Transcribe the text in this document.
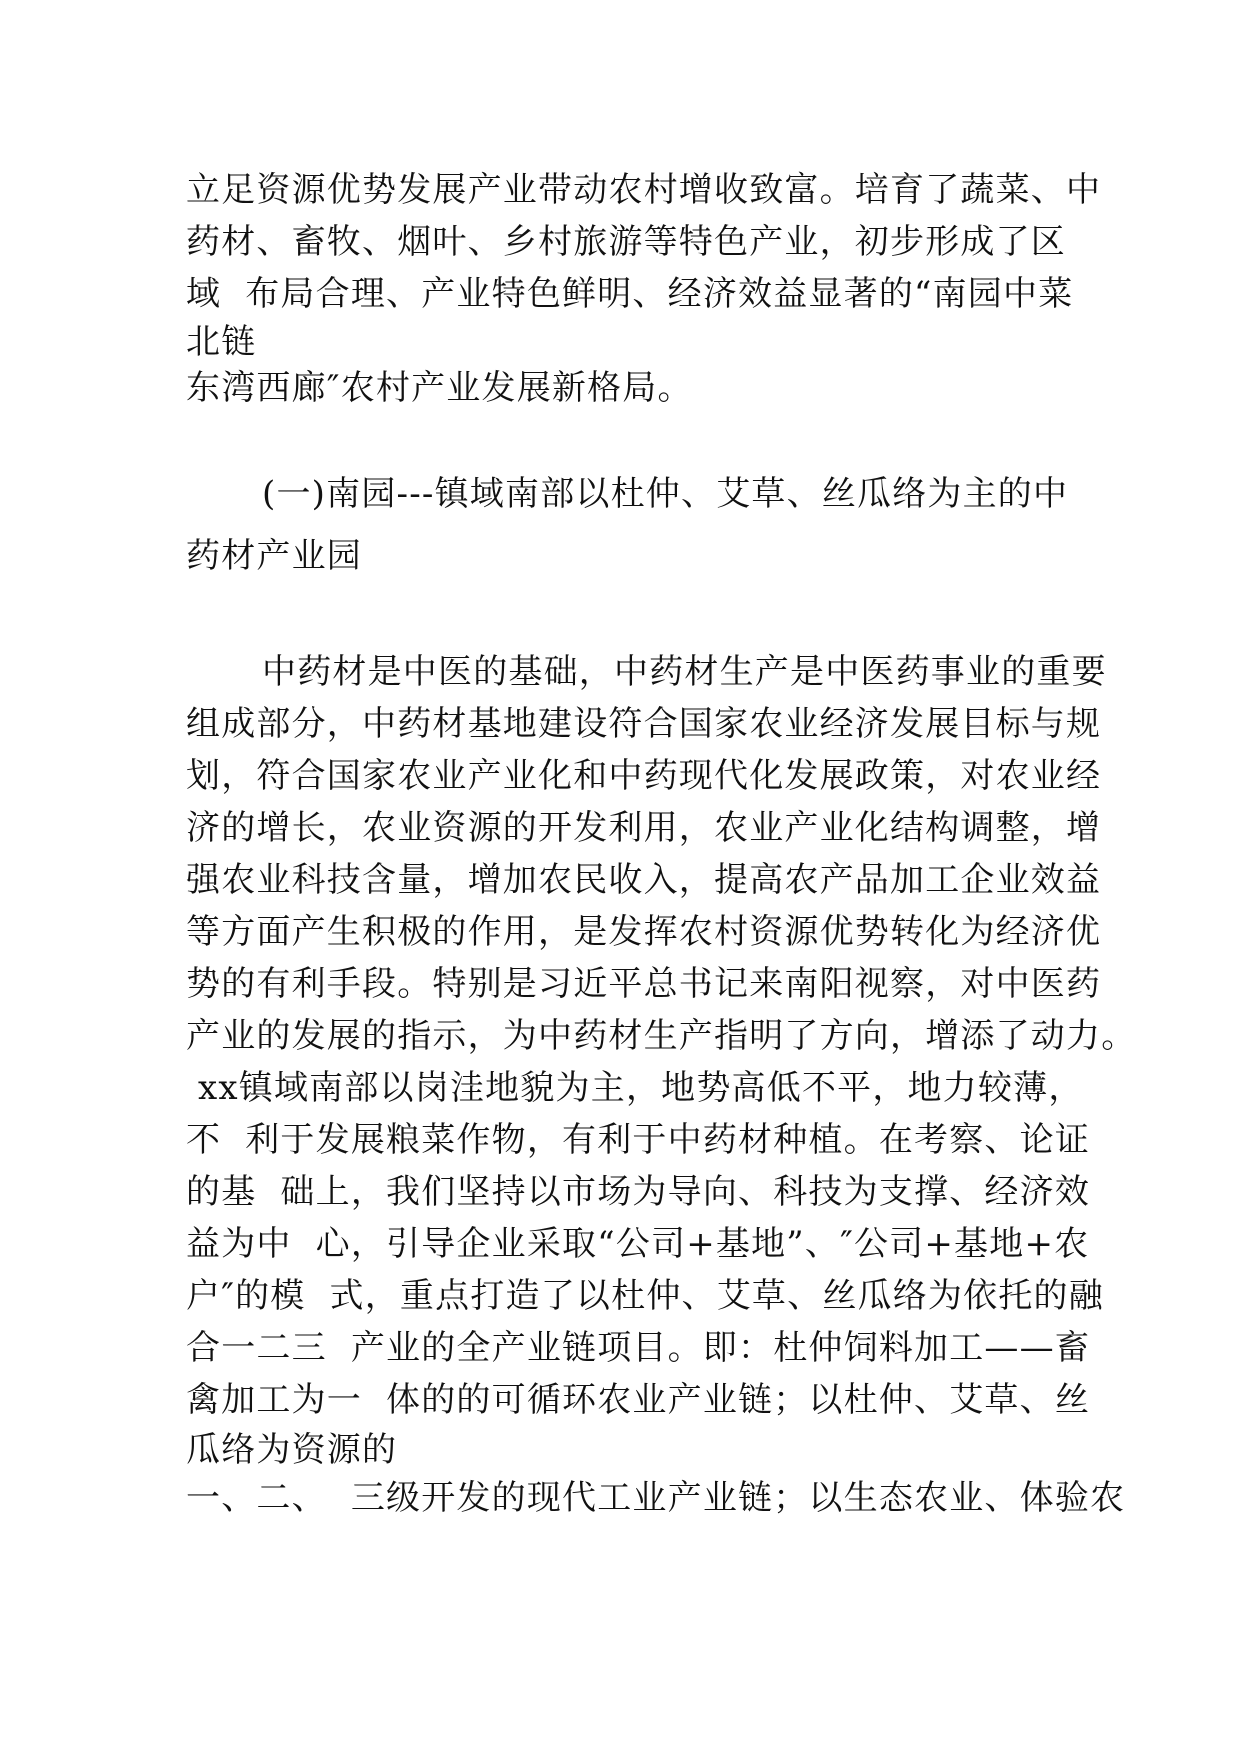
立足资源优势发展产业带动农村增收致富。培育了蔬菜、中
药材、畜牧、烟叶、乡村旅游等特色产业，初步形成了区
域  布局合理、产业特色鲜明、经济效益显著的“南园中菜
北链
东湾西廊″农村产业发展新格局。
(一)南园---镇域南部以杜仲、艾草、丝瓜络为主的中
药材产业园
中药材是中医的基础，中药材生产是中医药事业的重要
组成部分，中药材基地建设符合国家农业经济发展目标与规
划，符合国家农业产业化和中药现代化发展政策，对农业经
济的增长，农业资源的开发利用，农业产业化结构调整，增
强农业科技含量，增加农民收入，提高农产品加工企业效益
等方面产生积极的作用，是发挥农村资源优势转化为经济优
势的有利手段。特别是习近平总书记来南阳视察，对中医药
产业的发展的指示，为中药材生产指明了方向，增添了动力。
xx镇域南部以岗洼地貌为主，地势高低不平，地力较薄，
不  利于发展粮菜作物，有利于中药材种植。在考察、论证
的基  础上，我们坚持以市场为导向、科技为支撑、经济效
益为中  心，引导企业采取“公司+基地”、″公司+基地+农
户″的模  式，重点打造了以杜仲、艾草、丝瓜络为依托的融
合一二三  产业的全产业链项目。即：杜仲饲料加工——畜
禽加工为一  体的的可循环农业产业链；以杜仲、艾草、丝
瓜络为资源的
一、二、  三级开发的现代工业产业链；以生态农业、体验农
